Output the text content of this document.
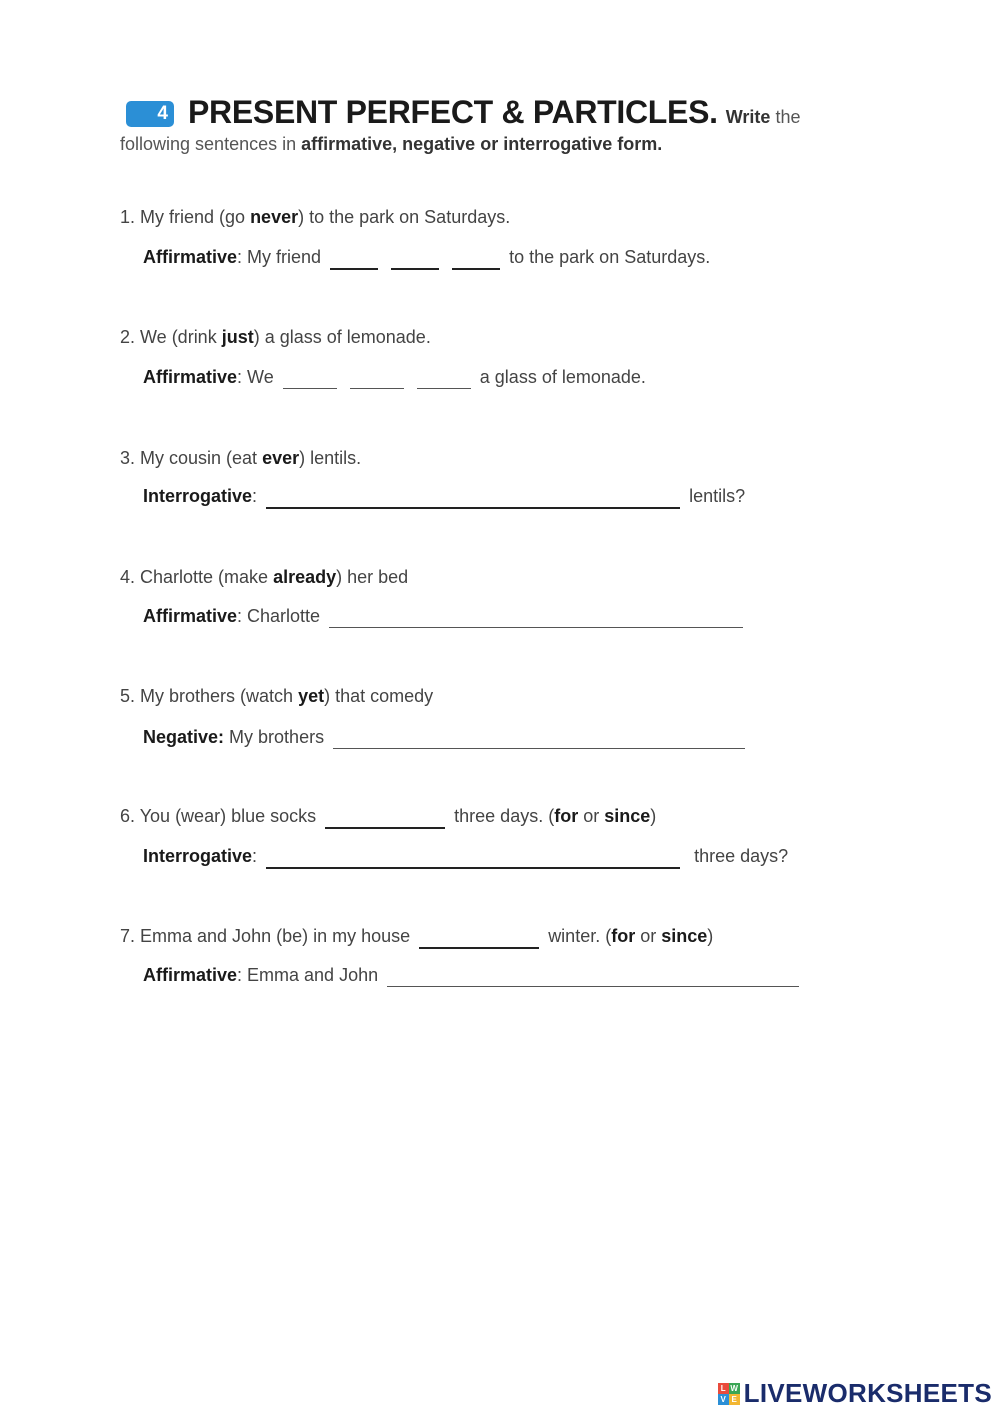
4 PRESENT PERFECT & PARTICLES. Write the
following sentences in affirmative, negative or interrogative form.
1. My friend (go never) to the park on Saturdays.
Affirmative: My friend	to the park on Saturdays.
2. We (drink just) a glass of lemonade.
Affirmative: We	a glass of lemonade.
3. My cousin (eat ever) lentils.
Interrogative:	lentils?
4. Charlotte (make already) her bed
Affirmative: Charlotte
5. My brothers (watch yet) that comedy
Negative: My brothers
6. You (wear) blue socks	three days. (for or since)
Interrogative:	three days?
7. Emma and John (be) in my house	winter. (for or since)
Affirmative: Emma and John
L W
V E LIVEWORKSHEETS
